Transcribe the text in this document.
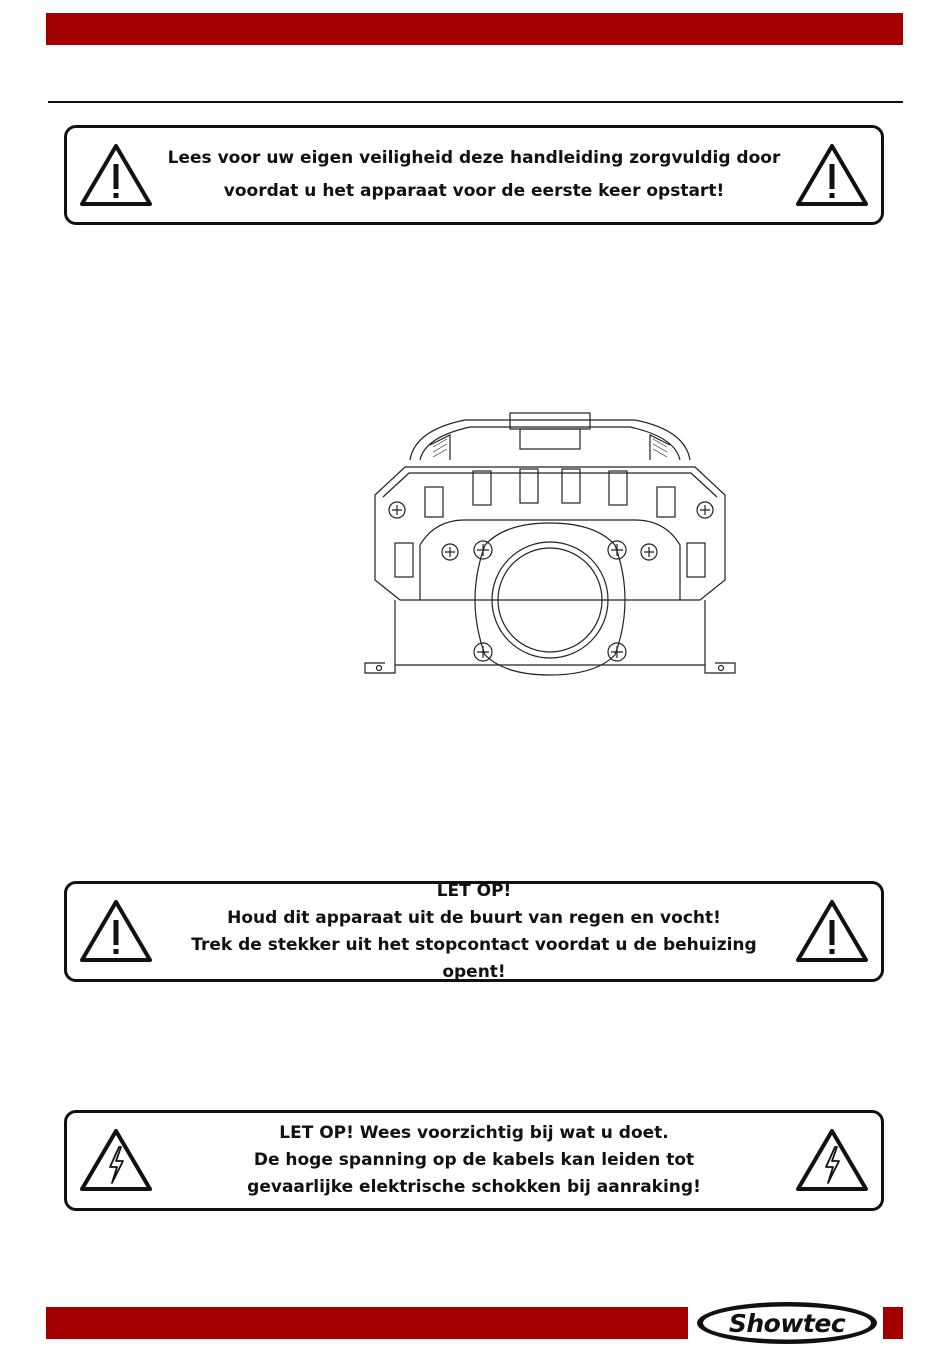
Lees voor uw eigen veiligheid deze handleiding zorgvuldig door
voordat u het apparaat voor de eerste keer opstart!
LET OP!
Houd dit apparaat uit de buurt van regen en vocht!
Trek de stekker uit het stopcontact voordat u de behuizing opent!
LET OP! Wees voorzichtig bij wat u doet.
De hoge spanning op de kabels kan leiden tot
gevaarlijke elektrische schokken bij aanraking!
Showtec
